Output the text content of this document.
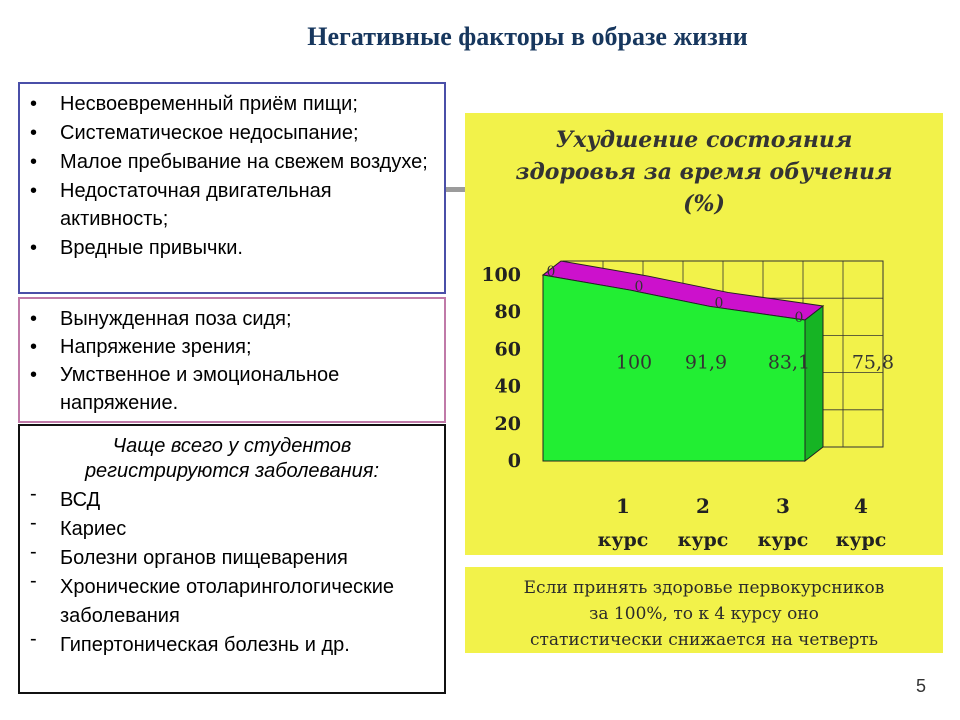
Негативные факторы в образе жизни
• Несвоевременный приём пищи;
• Систематическое недосыпание;
• Малое пребывание на свежем воздухе;
• Недостаточная двигательная активность;
• Вредные привычки.
• Вынужденная поза сидя;
• Напряжение зрения;
• Умственное и эмоциональное напряжение.
Чаще всего у студентов
регистрируются заболевания:
- ВСД
- Кариес
- Болезни органов пищеварения
- Хронические отоларингологические заболевания
- Гипертоническая болезнь и др.
Ухудшение состояния
здоровья за время обучения
(%)
100
80
60
40
20
0
1
курс
2
курс
3
курс
4
курс
100 91,9 83,1 75,8
0
0
0
0
Если принять здоровье первокурсников
за 100%, то к 4 курсу оно
статистически снижается на четверть
5
